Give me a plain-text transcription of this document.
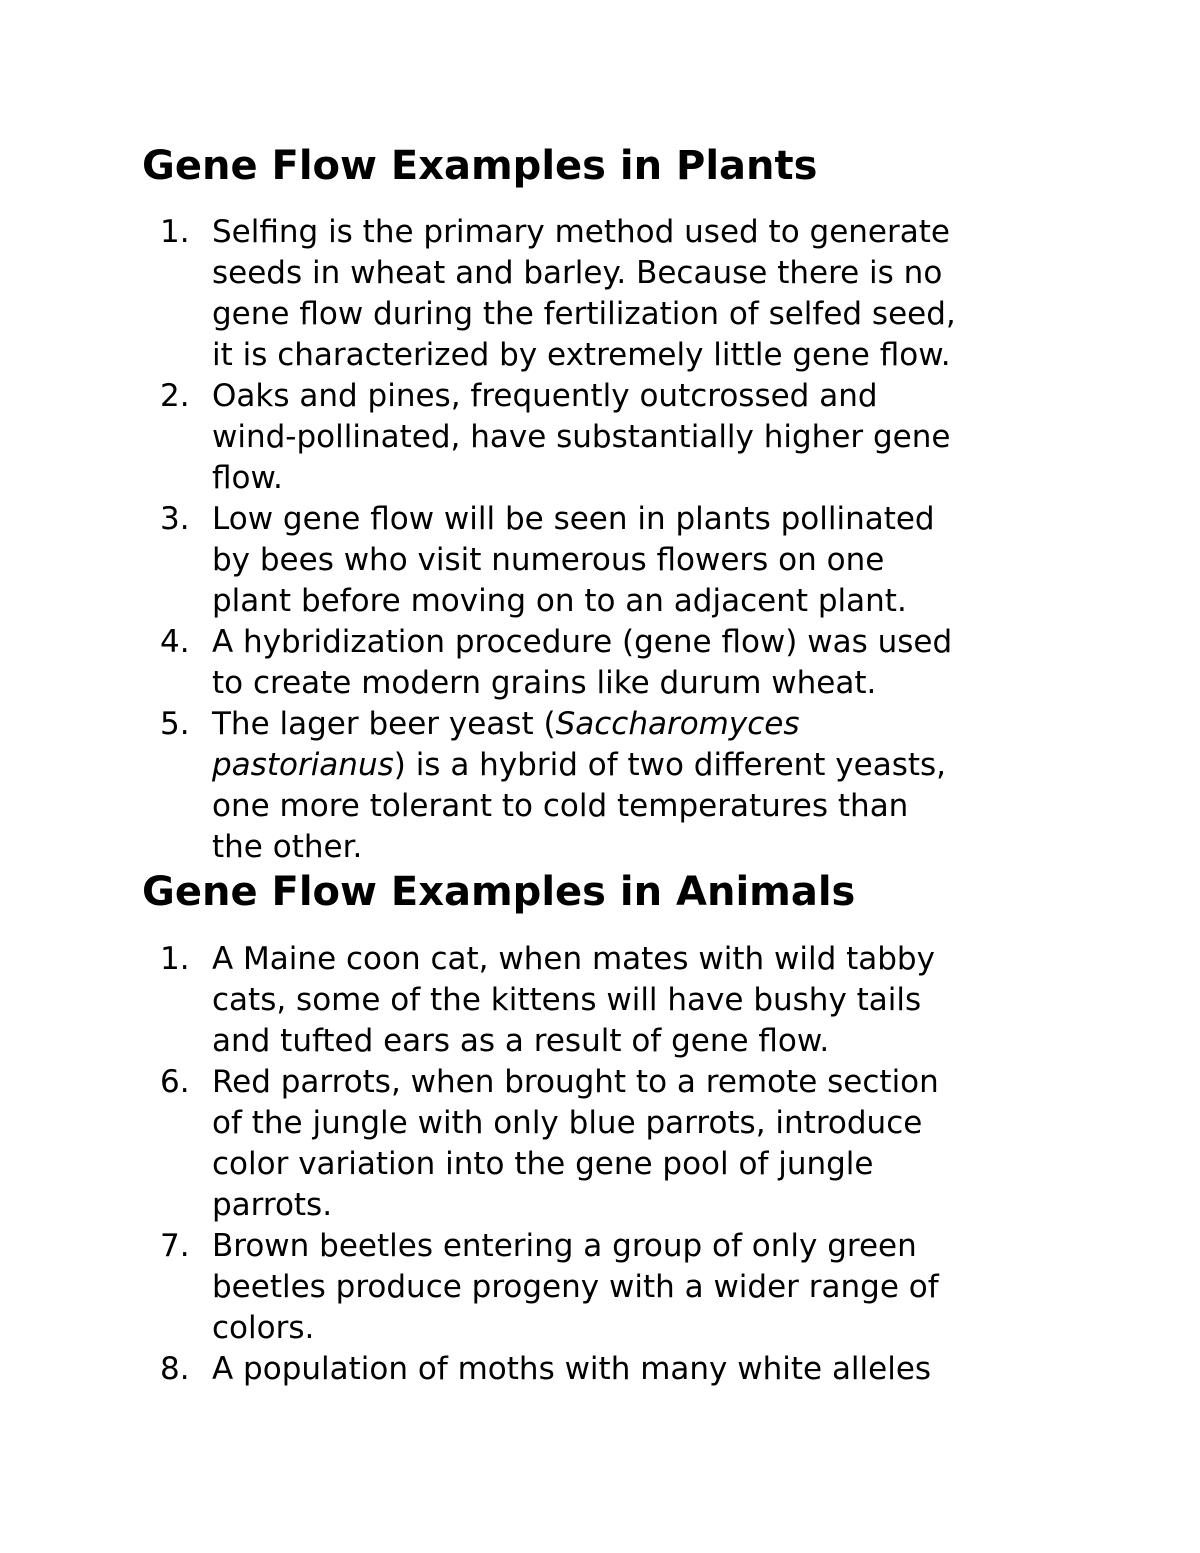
Gene Flow Examples in Plants
1. Selfing is the primary method used to generate
seeds in wheat and barley. Because there is no
gene flow during the fertilization of selfed seed,
it is characterized by extremely little gene flow.
2. Oaks and pines, frequently outcrossed and
wind-pollinated, have substantially higher gene
flow.
3. Low gene flow will be seen in plants pollinated
by bees who visit numerous flowers on one
plant before moving on to an adjacent plant.
4. A hybridization procedure (gene flow) was used
to create modern grains like durum wheat.
5. The lager beer yeast (Saccharomyces
pastorianus) is a hybrid of two different yeasts,
one more tolerant to cold temperatures than
the other.
Gene Flow Examples in Animals
1. A Maine coon cat, when mates with wild tabby
cats, some of the kittens will have bushy tails
and tufted ears as a result of gene flow.
6. Red parrots, when brought to a remote section
of the jungle with only blue parrots, introduce
color variation into the gene pool of jungle
parrots.
7. Brown beetles entering a group of only green
beetles produce progeny with a wider range of
colors.
8. A population of moths with many white alleles
